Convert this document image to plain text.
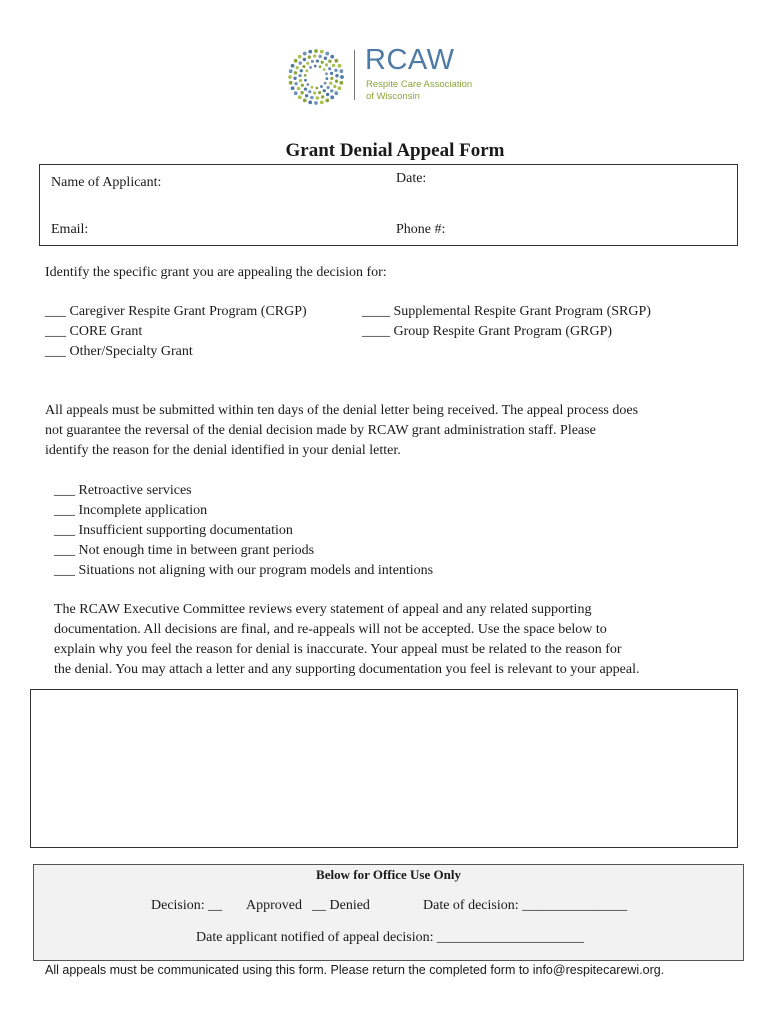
RCAW
Respite Care Association
of Wisconsin
Grant Denial Appeal Form
Name of Applicant:	Date:
Email:	Phone #:
Identify the specific grant you are appealing the decision for:
___ Caregiver Respite Grant Program (CRGP)
___ CORE Grant
___ Other/Specialty Grant
____ Supplemental Respite Grant Program (SRGP)
____ Group Respite Grant Program (GRGP)
All appeals must be submitted within ten days of the denial letter being received. The appeal process does
not guarantee the reversal of the denial decision made by RCAW grant administration staff. Please
identify the reason for the denial identified in your denial letter.
___ Retroactive services
___ Incomplete application
___ Insufficient supporting documentation
___ Not enough time in between grant periods
___ Situations not aligning with our program models and intentions
The RCAW Executive Committee reviews every statement of appeal and any related supporting
documentation. All decisions are final, and re-appeals will not be accepted. Use the space below to
explain why you feel the reason for denial is inaccurate. Your appeal must be related to the reason for
the denial. You may attach a letter and any supporting documentation you feel is relevant to your appeal.
Below for Office Use Only
Decision: __ Approved __ Denied	Date of decision: _______________
Date applicant notified of appeal decision: _____________________
All appeals must be communicated using this form. Please return the completed form to info@respitecarewi.org.
